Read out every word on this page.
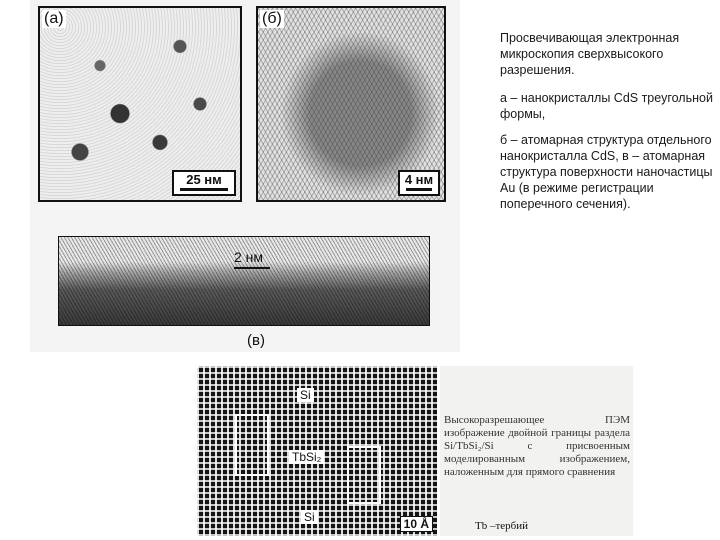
(а)
25 нм
(б)
4 нм
2 нм
(в)

Просвечивающая электронная микроскопия сверхвысокого разрешения.

а – нанокристаллы CdS треугольной формы,

б – атомарная структура отдельного нанокристалла CdS, в – атомарная структура поверхности наночастицы Au (в режиме регистрации поперечного сечения).

Si
TbSi₂
Si	10 Å
Высокоразрешающее ПЭМ изображение двойной границы раздела Si/TbSi₂/Si с присвоенным моделированным изображением, наложенным для прямого сравнения
Tb –тербий
